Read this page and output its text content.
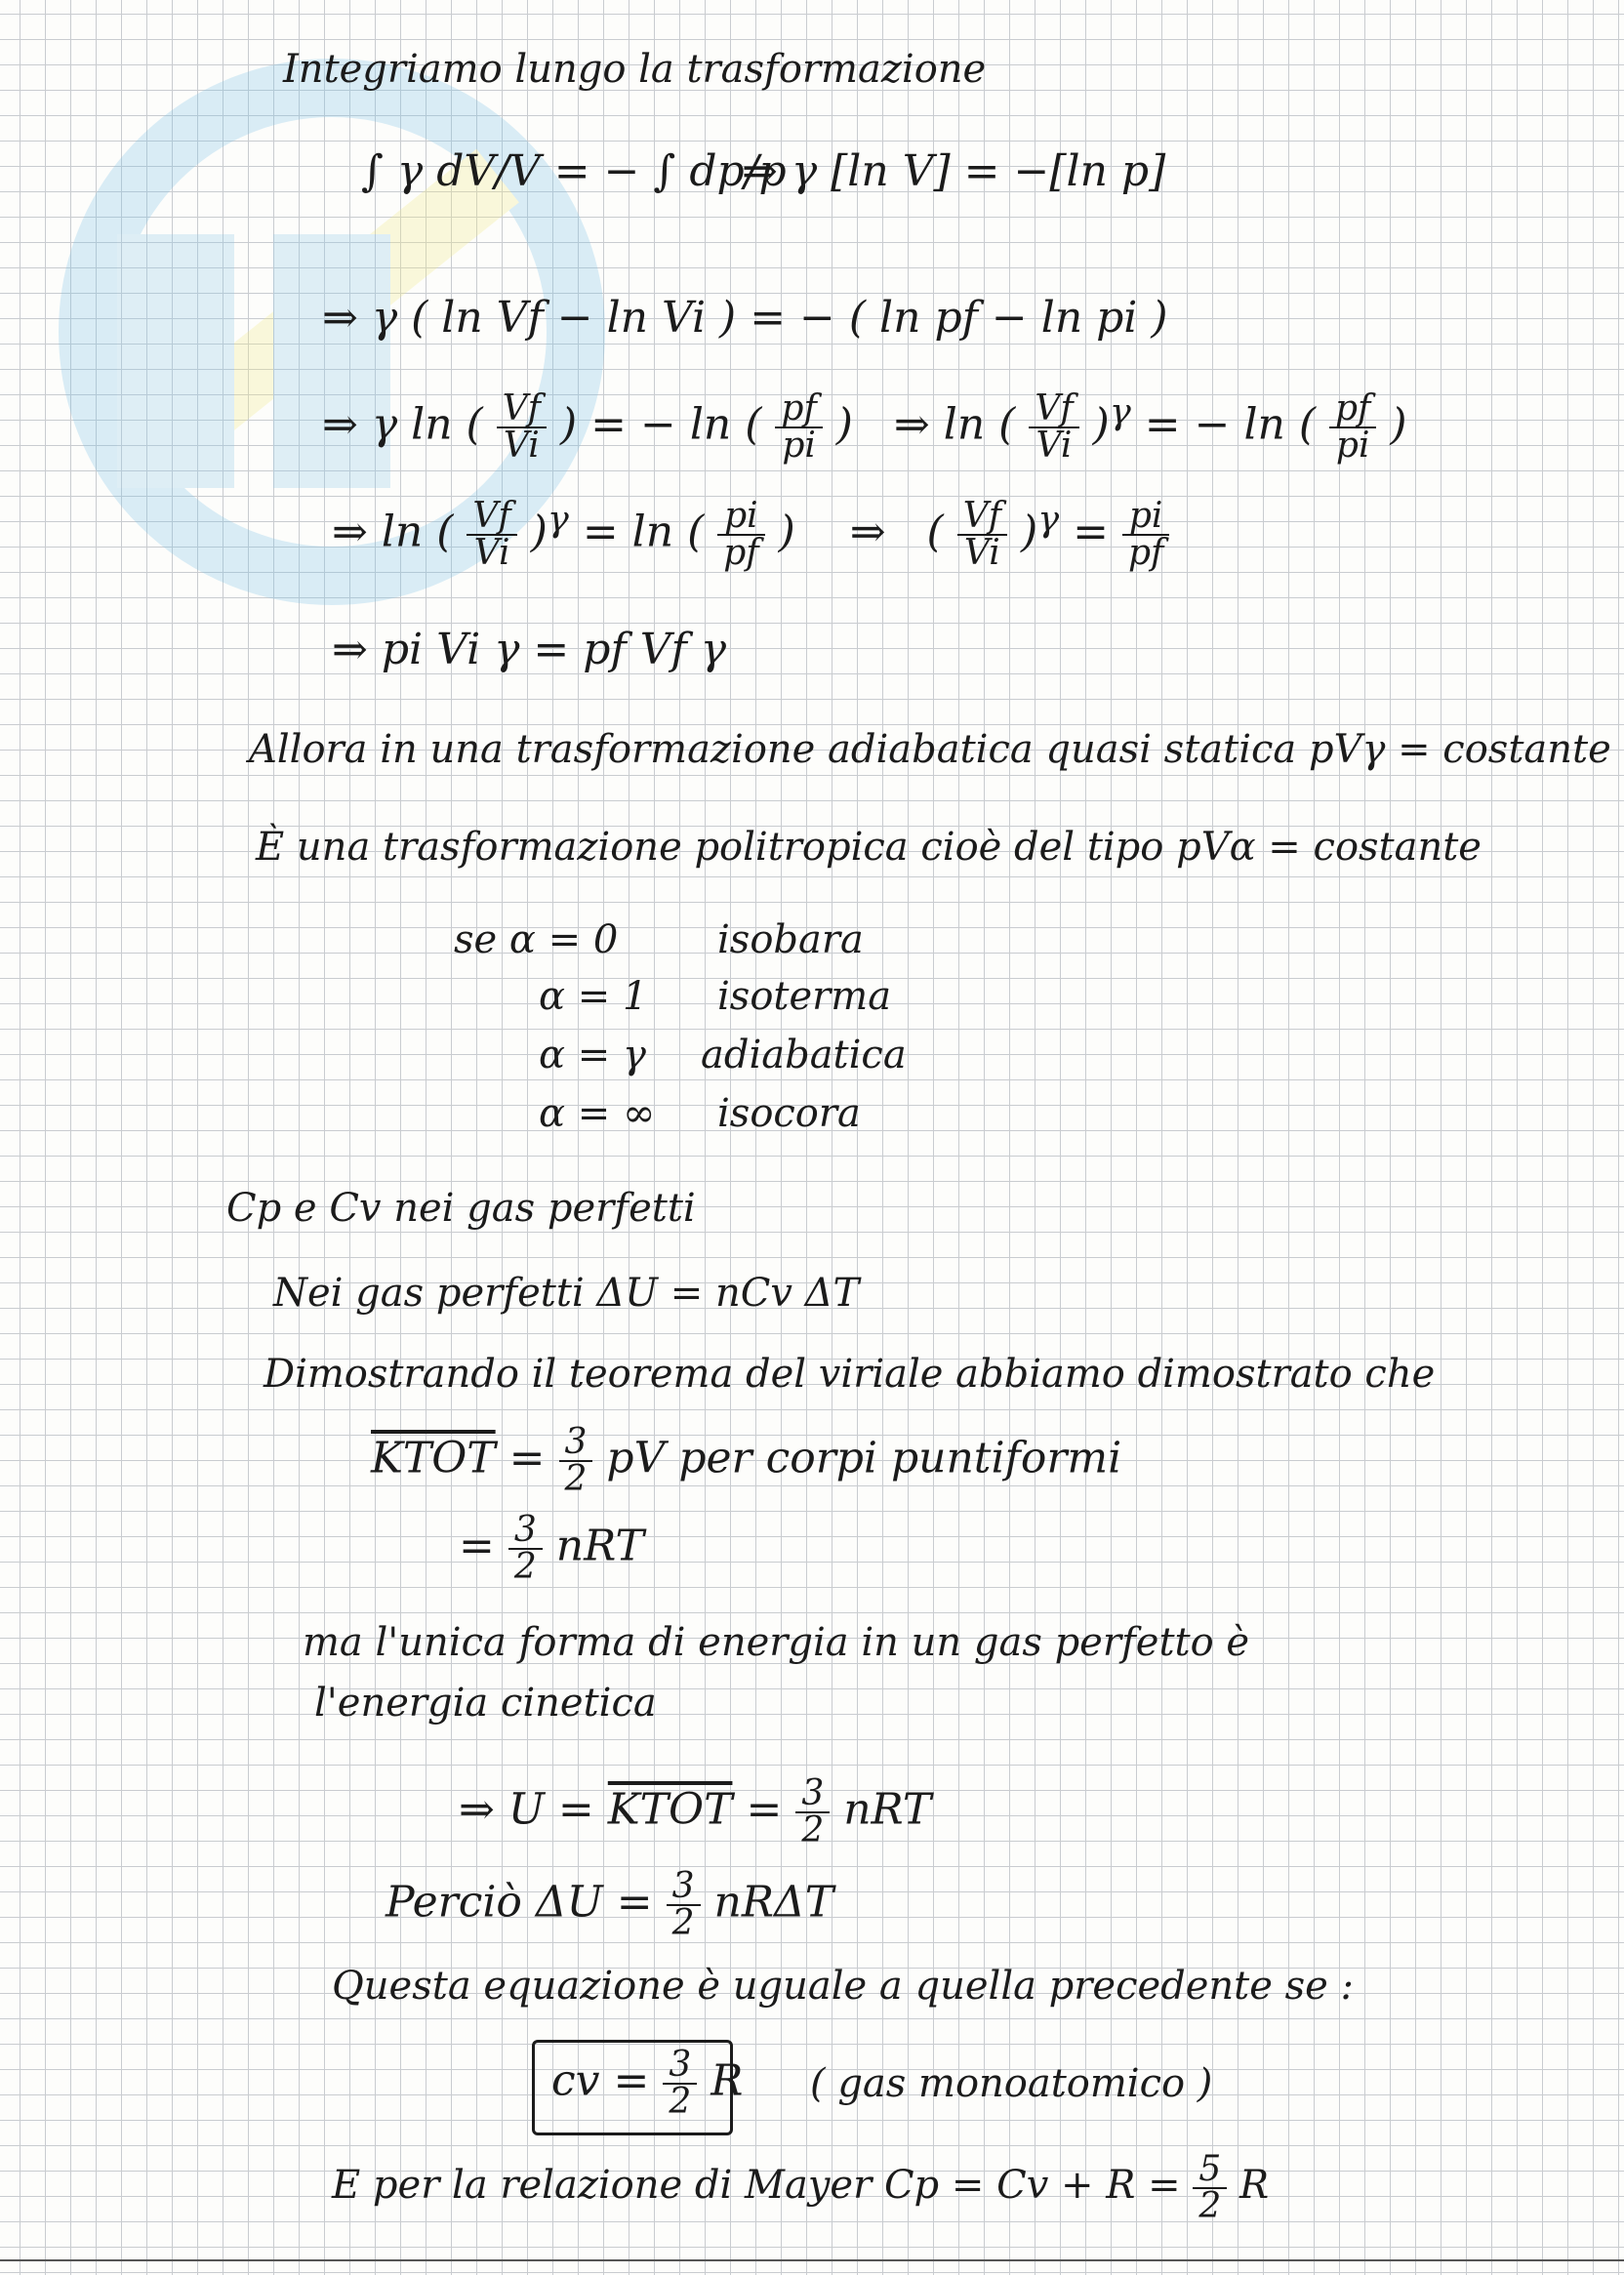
Integriamo lungo la trasformazione
∫ γ dV/V = − ∫ dp/p
⇒ γ [ln V] = −[ln p]
⇒ γ ( ln Vf − ln Vi ) = − ( ln pf − ln pi )
⇒ γ ln ( $\frac{Vf}{Vi}$ ) = − ln ( $\frac{pf}{pi}$ )   ⇒ ln ( $\frac{Vf}{Vi} )^\gamma$ = − ln ( $\frac{pf}{pi}$ )
⇒ ln ( $\frac{Vf}{Vi} )^\gamma = \ln$ ( $\frac{pi}{pf}$ )    ⇒   ( $\frac{Vf}{Vi} )^\gamma = \frac{pi}{pf}$
⇒ pi Vi γ = pf Vf γ
Allora in una trasformazione adiabatica quasi statica pVγ = costante
È una trasformazione politropica cioè del tipo pVα = costante
se α = 0	isobara
α = 1 isoterma
α = γ adiabatica
α = ∞ isocora
Cp e Cv nei gas perfetti
Nei gas perfetti ΔU = nCv ΔT
Dimostrando il teorema del viriale abbiamo dimostrato che
KTOT = $\frac{3}{2}$ pV per corpi puntiformi
= $\frac{3}{2}$ nRT
ma l'unica forma di energia in un gas perfetto è
l'energia cinetica
⇒ U = KTOT = $\frac{3}{2}$ nRT
Perciò $\Delta U = \frac{3}{2}$ nRΔT
Questa equazione è uguale a quella precedente se :
cv = $\frac{3}{2}$ R ( gas monoatomico )
E per la relazione di Mayer $Cp = Cv + R = \frac{5}{2}$ R
